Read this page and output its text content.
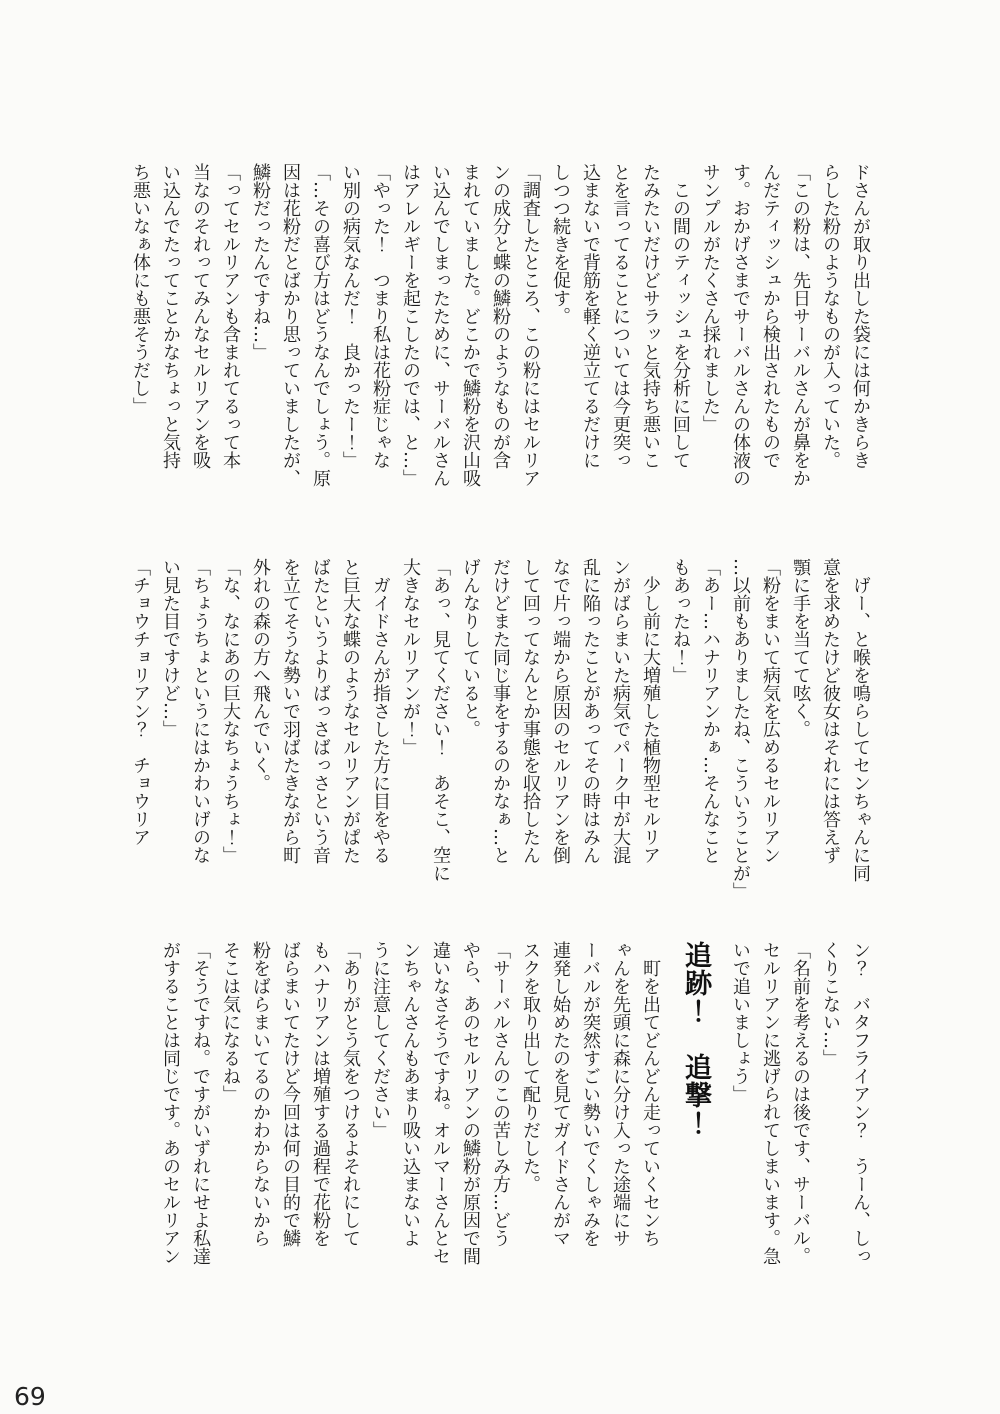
ドさんが取り出した袋には何かきらき
らした粉のようなものが入っていた。
「この粉は、先日サーバルさんが鼻をか
んだティッシュから検出されたもので
す。おかげさまでサーバルさんの体液の
サンプルがたくさん採れました」
　この間のティッシュを分析に回して
たみたいだけどサラッと気持ち悪いこ
とを言ってることについては今更突っ
込まないで背筋を軽く逆立てるだけに
しつつ続きを促す。
「調査したところ、この粉にはセルリア
ンの成分と蝶の鱗粉のようなものが含
まれていました。どこかで鱗粉を沢山吸
い込んでしまったために、サーバルさん
はアレルギーを起こしたのでは、と…」
「やった！　つまり私は花粉症じゃな
い別の病気なんだ！　良かったー！」
「…その喜び方はどうなんでしょう。原
因は花粉だとばかり思っていましたが、
鱗粉だったんですね…」
「ってセルリアンも含まれてるって本
当なのそれってみんなセルリアンを吸
い込んでたってことかなちょっと気持
ち悪いなぁ体にも悪そうだし」
　げー、と喉を鳴らしてセンちゃんに同
意を求めたけど彼女はそれには答えず
顎に手を当てて呟く。
「粉をまいて病気を広めるセルリアン
…以前もありましたね、こういうことが」
「あー…ハナリアンかぁ…そんなこと
もあったね！」
　少し前に大増殖した植物型セルリア
ンがばらまいた病気でパーク中が大混
乱に陥ったことがあってその時はみん
なで片っ端から原因のセルリアンを倒
して回ってなんとか事態を収拾したん
だけどまた同じ事をするのかなぁ…と
げんなりしていると。
「あっ、見てください！　あそこ、空に
大きなセルリアンが！」
　ガイドさんが指さした方に目をやる
と巨大な蝶のようなセルリアンがぱた
ばたというよりばっさばっさという音
を立てそうな勢いで羽ばたきながら町
外れの森の方へ飛んでいく。
「な、なにあの巨大なちょうちょ！」
「ちょうちょというにはかわいげのな
い見た目ですけど…」
「チョウチョリアン？　チョウリア
ン？　バタフライアン？　うーん、しっ
くりこない…」
「名前を考えるのは後です、サーバル。
セルリアンに逃げられてしまいます。急
いで追いましょう」
追跡！　追撃！
　町を出てどんどん走っていくセンち
ゃんを先頭に森に分け入った途端にサ
ーバルが突然すごい勢いでくしゃみを
連発し始めたのを見てガイドさんがマ
スクを取り出して配りだした。
「サーバルさんのこの苦しみ方…どう
やら、あのセルリアンの鱗粉が原因で間
違いなさそうですね。オルマーさんとセ
ンちゃんさんもあまり吸い込まないよ
うに注意してください」
「ありがとう気をつけるよそれにして
もハナリアンは増殖する過程で花粉を
ばらまいてたけど今回は何の目的で鱗
粉をばらまいてるのかわからないから
そこは気になるね」
「そうですね。ですがいずれにせよ私達
がすることは同じです。あのセルリアン
69
